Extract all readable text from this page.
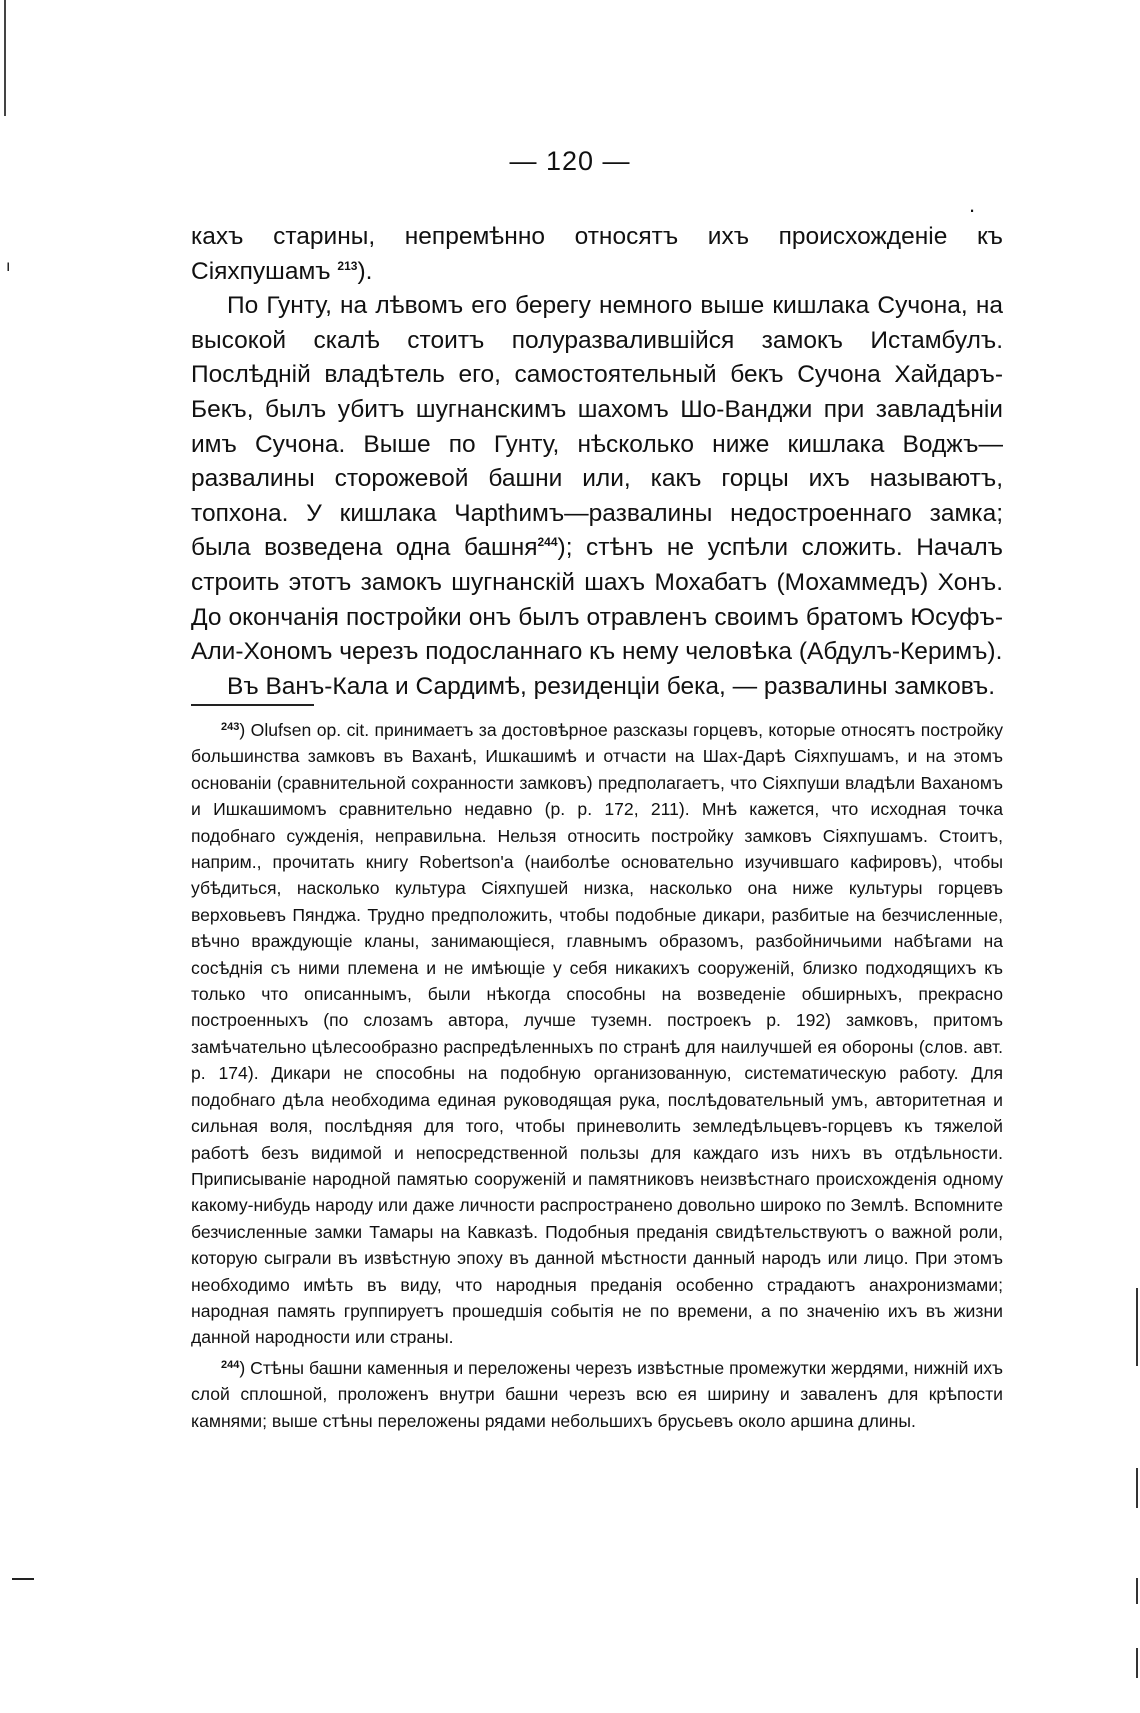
ı
— 120 —
.

кахъ старины, непремѣнно относятъ ихъ происхожденіе къ Сіяхпушамъ $^{213}$).

По Гунту, на лѣвомъ его берегу немного выше кишлака Сучона, на высокой скалѣ стоитъ полуразвалившійся замокъ Истамбулъ. Послѣдній владѣтель его, самостоятельный бекъ Сучона Хайдаръ-Бекъ, былъ убитъ шугнанскимъ шахомъ Шо-Ванджи при завладѣніи имъ Сучона. Выше по Гунту, нѣсколько ниже кишлака Воджъ—развалины сторожевой башни или, какъ горцы ихъ называютъ, топхона. У кишлака Чарthимъ—развалины недостроеннаго замка; была возведена одна башня$^{244}$); стѣнъ не успѣли сложить. Началъ строить этотъ замокъ шугнанскій шахъ Мохабатъ (Мохаммедъ) Хонъ. До окончанія постройки онъ былъ отравленъ своимъ братомъ Юсуфъ-Али-Хономъ черезъ подосланнаго къ нему человѣка (Абдулъ-Керимъ).

Въ Ванъ-Кала и Сардимѣ, резиденціи бека, — развалины замковъ.

$^{243}$) Olufsen op. cit. принимаетъ за достовѣрное разсказы горцевъ, которые относятъ постройку большинства замковъ въ Ваханѣ, Ишкашимѣ и отчасти на Шах-Дарѣ Сіяхпушамъ, и на этомъ основаніи (сравнительной сохранности замковъ) предполагаетъ, что Сіяхпуши владѣли Ваханомъ и Ишкашимомъ сравнительно недавно (p. p. 172, 211). Мнѣ кажется, что исходная точка подобнаго сужденія, неправильна. Нельзя относить постройку замковъ Сіяхпушамъ. Стоитъ, наприм., прочитать книгу Robertson'а (наиболѣе основательно изучившаго кафировъ), чтобы убѣдиться, насколько культура Сіяхпушей низка, насколько она ниже культуры горцевъ верховьевъ Пянджа. Трудно предположить, чтобы подобные дикари, разбитые на безчисленные, вѣчно враждующіе кланы, занимающіеся, главнымъ образомъ, разбойничьими набѣгами на сосѣднія съ ними племена и не имѣющіе у себя никакихъ сооруженій, близко подходящихъ къ только что описаннымъ, были нѣкогда способны на возведеніе обширныхъ, прекрасно построенныхъ (по слозамъ автора, лучше туземн. построекъ p. 192) замковъ, притомъ замѣчательно цѣлесообразно распредѣленныхъ по странѣ для наилучшей ея обороны (слов. авт. p. 174). Дикари не способны на подобную организованную, систематическую работу. Для подобнаго дѣла необходима единая руководящая рука, послѣдовательный умъ, авторитетная и сильная воля, послѣдняя для того, чтобы приневолить земледѣльцевъ-горцевъ къ тяжелой работѣ безъ видимой и непосредственной пользы для каждаго изъ нихъ въ отдѣльности. Приписываніе народной памятью сооруженій и памятниковъ неизвѣстнаго происхожденія одному какому-нибудь народу или даже личности распространено довольно широко по Землѣ. Вспомните безчисленные замки Тамары на Кавказѣ. Подобныя преданія свидѣтельствуютъ о важной роли, которую сыграли въ извѣстную эпоху въ данной мѣстности данный народъ или лицо. При этомъ необходимо имѣть въ виду, что народныя преданія особенно страдаютъ анахронизмами; народная память группируетъ прошедшія событія не по времени, а по значенію ихъ въ жизни данной народности или страны.

$^{244}$) Стѣны башни каменныя и переложены черезъ извѣстные промежутки жердями, нижній ихъ слой сплошной, проложенъ внутри башни черезъ всю ея ширину и заваленъ для крѣпости камнями; выше стѣны переложены рядами небольшихъ брусьевъ около аршина длины.
